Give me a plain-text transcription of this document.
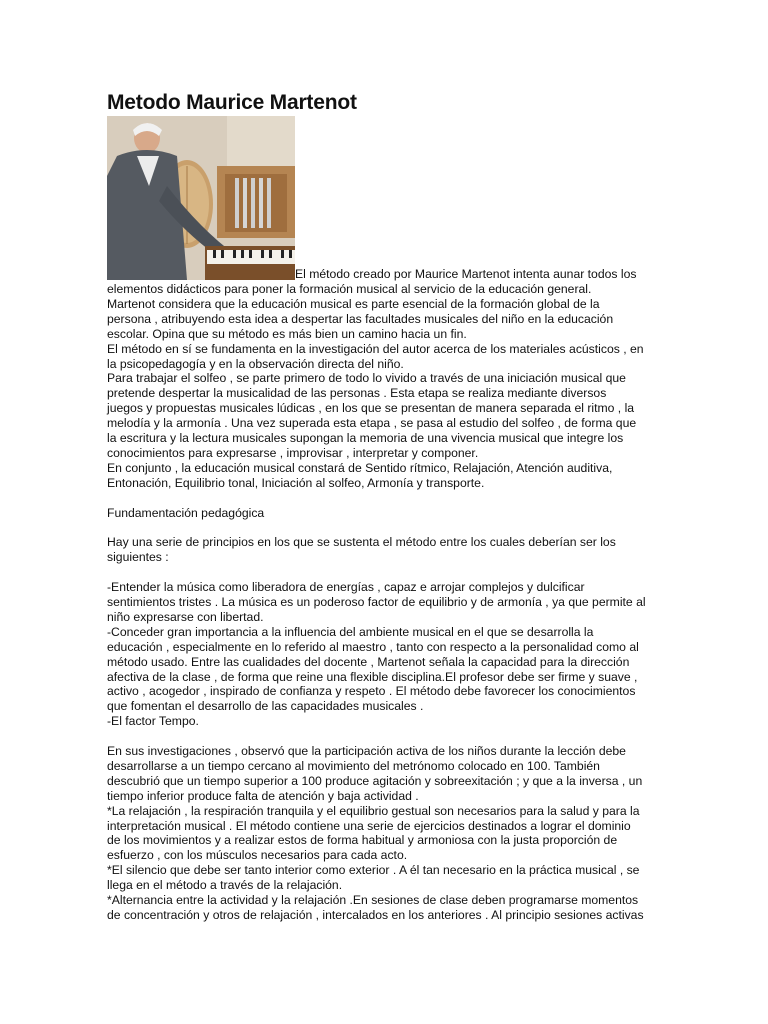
Metodo Maurice Martenot
El método creado por Maurice Martenot intenta aunar todos los
elementos didácticos para poner la formación musical al servicio de la educación general.
Martenot considera que la educación musical es parte esencial de la formación global de la
persona , atribuyendo esta idea a despertar las facultades musicales del niño en la educación
escolar. Opina que su método es más bien un camino hacia un fin.
El método en sí se fundamenta en la investigación del autor acerca de los materiales acústicos , en
la psicopedagogía y en la observación directa del niño.
Para trabajar el solfeo , se parte primero de todo lo vivido a través de una iniciación musical que
pretende despertar la musicalidad de las personas . Esta etapa se realiza mediante diversos
juegos y propuestas musicales lúdicas , en los que se presentan de manera separada el ritmo , la
melodía y la armonía . Una vez superada esta etapa , se pasa al estudio del solfeo , de forma que
la escritura y la lectura musicales supongan la memoria de una vivencia musical que integre los
conocimientos para expresarse , improvisar , interpretar y componer.
En conjunto , la educación musical constará de Sentido rítmico, Relajación, Atención auditiva,
Entonación, Equilibrio tonal, Iniciación al solfeo, Armonía y transporte.
Fundamentación pedagógica
Hay una serie de principios en los que se sustenta el método entre los cuales deberían ser los
siguientes :
-Entender la música como liberadora de energías , capaz e arrojar complejos y dulcificar
sentimientos tristes . La música es un poderoso factor de equilibrio y de armonía , ya que permite al
niño expresarse con libertad.
-Conceder gran importancia a la influencia del ambiente musical en el que se desarrolla la
educación , especialmente en lo referido al maestro , tanto con respecto a la personalidad como al
método usado. Entre las cualidades del docente , Martenot señala la capacidad para la dirección
afectiva de la clase , de forma que reine una flexible disciplina.El profesor debe ser firme y suave ,
activo , acogedor , inspirado de confianza y respeto . El método debe favorecer los conocimientos
que fomentan el desarrollo de las capacidades musicales .
-El factor Tempo.
En sus investigaciones , observó que la participación activa de los niños durante la lección debe
desarrollarse a un tiempo cercano al movimiento del metrónomo colocado en 100. También
descubrió que un tiempo superior a 100 produce agitación y sobreexitación ; y que a la inversa , un
tiempo inferior produce falta de atención y baja actividad .
*La relajación , la respiración tranquila y el equilibrio gestual son necesarios para la salud y para la
interpretación musical . El método contiene una serie de ejercicios destinados a lograr el dominio
de los movimientos y a realizar estos de forma habitual y armoniosa con la justa proporción de
esfuerzo , con los músculos necesarios para cada acto.
*El silencio que debe ser tanto interior como exterior . A él tan necesario en la práctica musical , se
llega en el método a través de la relajación.
*Alternancia entre la actividad y la relajación .En sesiones de clase deben programarse momentos
de concentración y otros de relajación , intercalados en los anteriores . Al principio sesiones activas
